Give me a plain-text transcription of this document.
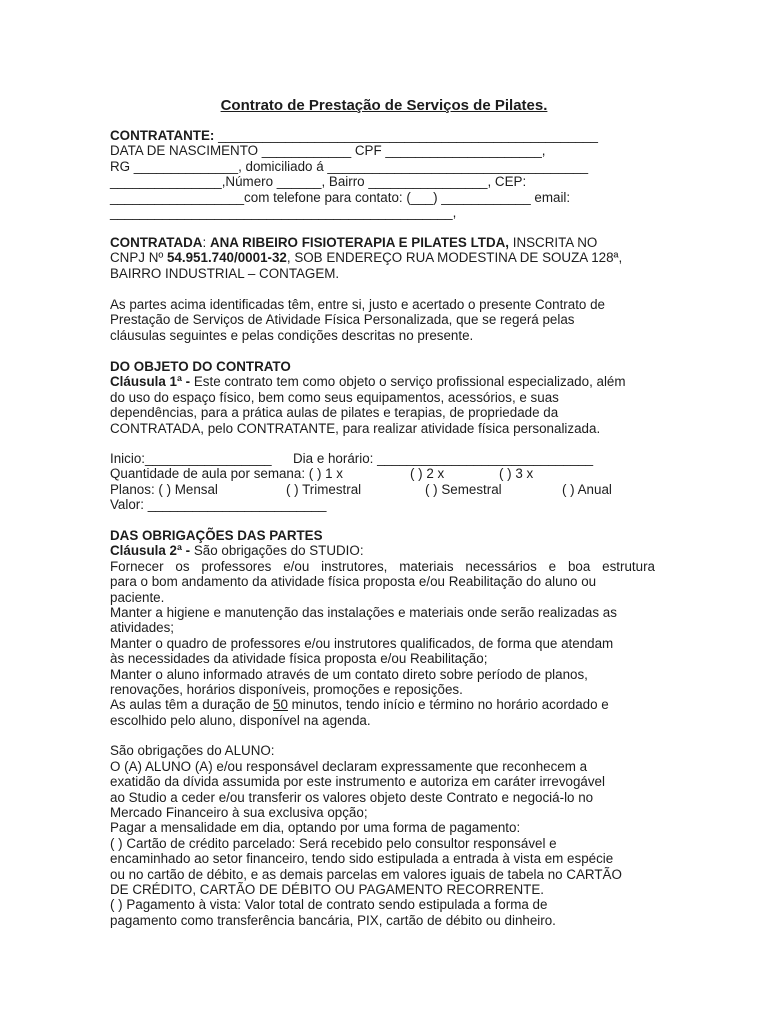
Contrato de Prestação de Serviços de Pilates.
CONTRATANTE: ___________________________________________________
DATA DE NASCIMENTO ____________ CPF _____________________,
RG ______________, domiciliado á ___________________________________
_______________,Número ______, Bairro ________________, CEP:
__________________com telefone para contato: (___) ____________ email:
______________________________________________,
CONTRATADA: ANA RIBEIRO FISIOTERAPIA E PILATES LTDA, INSCRITA NO
CNPJ Nº 54.951.740/0001-32, SOB ENDEREÇO RUA MODESTINA DE SOUZA 128ª,
BAIRRO INDUSTRIAL – CONTAGEM.
As partes acima identificadas têm, entre si, justo e acertado o presente Contrato de
Prestação de Serviços de Atividade Física Personalizada, que se regerá pelas
cláusulas seguintes e pelas condições descritas no presente.
DO OBJETO DO CONTRATO
Cláusula 1ª - Este contrato tem como objeto o serviço profissional especializado, além
do uso do espaço físico, bem como seus equipamentos, acessórios, e suas
dependências, para a prática aulas de pilates e terapias, de propriedade da
CONTRATADA, pelo CONTRATANTE, para realizar atividade física personalizada.
Inicio:_________________ Dia e horário: _____________________________
Quantidade de aula por semana: ( ) 1 x	( ) 2 x	( ) 3 x
Planos: ( ) Mensal	( ) Trimestral	( ) Semestral	( ) Anual
Valor: ________________________
DAS OBRIGAÇÕES DAS PARTES
Cláusula 2ª - São obrigações do STUDIO:
Fornecer os professores e/ou instrutores, materiais necessários e boa estrutura
para o bom andamento da atividade física proposta e/ou Reabilitação do aluno ou
paciente.
Manter a higiene e manutenção das instalações e materiais onde serão realizadas as
atividades;
Manter o quadro de professores e/ou instrutores qualificados, de forma que atendam
às necessidades da atividade física proposta e/ou Reabilitação;
Manter o aluno informado através de um contato direto sobre período de planos,
renovações, horários disponíveis, promoções e reposições.
As aulas têm a duração de 50 minutos, tendo início e término no horário acordado e
escolhido pelo aluno, disponível na agenda.
São obrigações do ALUNO:
O (A) ALUNO (A) e/ou responsável declaram expressamente que reconhecem a
exatidão da dívida assumida por este instrumento e autoriza em caráter irrevogável
ao Studio a ceder e/ou transferir os valores objeto deste Contrato e negociá-lo no
Mercado Financeiro à sua exclusiva opção;
Pagar a mensalidade em dia, optando por uma forma de pagamento:
( ) Cartão de crédito parcelado: Será recebido pelo consultor responsável e
encaminhado ao setor financeiro, tendo sido estipulada a entrada à vista em espécie
ou no cartão de débito, e as demais parcelas em valores iguais de tabela no CARTÃO
DE CRÉDITO, CARTÃO DE DÉBITO OU PAGAMENTO RECORRENTE.
( ) Pagamento à vista: Valor total de contrato sendo estipulada a forma de
pagamento como transferência bancária, PIX, cartão de débito ou dinheiro.
